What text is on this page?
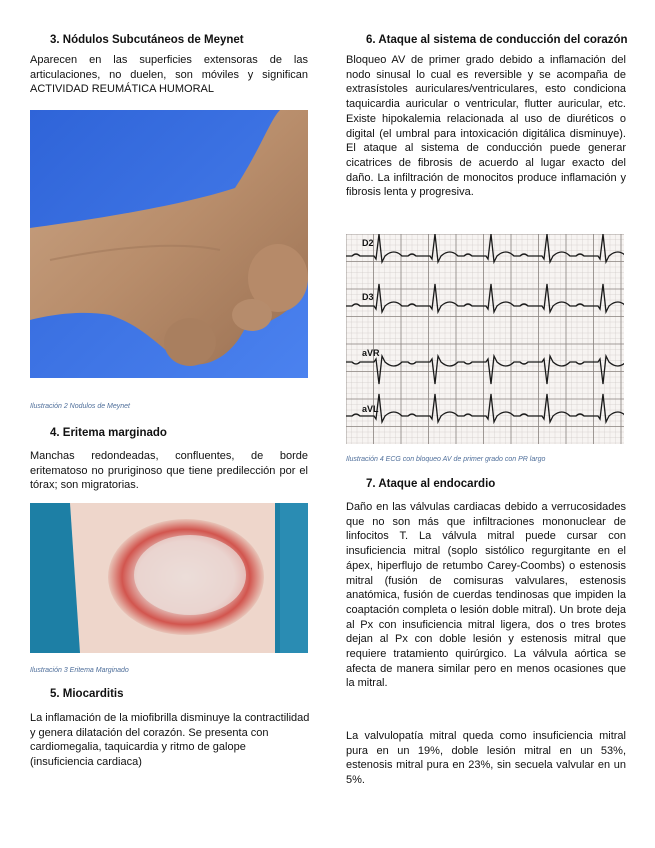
3. Nódulos Subcutáneos de Meynet

Aparecen en las superficies extensoras de las articulaciones, no duelen, son móviles y significan ACTIVIDAD REUMÁTICA HUMORAL

Ilustración 2 Nodulos de Meynet

4. Eritema marginado

Manchas redondeadas, confluentes, de borde eritematoso no pruriginoso que tiene predilección por el tórax; son migratorias.

Ilustración 3 Eritema Marginado

5. Miocarditis

La inflamación de la miofibrilla disminuye la contractilidad y genera dilatación del corazón. Se presenta con cardiomegalia, taquicardia y ritmo de galope (insuficiencia cardiaca)

6. Ataque al sistema de conducción del corazón

Bloqueo AV de primer grado debido a inflamación del nodo sinusal lo cual es reversible y se acompaña de extrasístoles auriculares/ventriculares, esto condiciona taquicardia auricular o ventricular, flutter auricular, etc. Existe hipokalemia relacionada al uso de diuréticos o digital (el umbral para intoxicación digitálica disminuye). El ataque al sistema de conducción puede generar cicatrices de fibrosis de acuerdo al lugar exacto del daño. La infiltración de monocitos produce inflamación y fibrosis lenta y progresiva.

D2
D3
aVR
aVL

Ilustración 4 ECG con bloqueo AV de primer grado con PR largo

7. Ataque al endocardio

Daño en las válvulas cardiacas debido a verrucosidades que no son más que infiltraciones mononuclear de linfocitos T. La válvula mitral puede cursar con insuficiencia mitral (soplo sistólico regurgitante en el ápex, hiperflujo de retumbo Carey-Coombs) o estenosis mitral (fusión de comisuras valvulares, estenosis anatómica, fusión de cuerdas tendinosas que impiden la coaptación completa o lesión doble mitral). Un brote deja al Px con insuficiencia mitral ligera, dos o tres brotes dejan al Px con doble lesión y estenosis mitral que requiere tratamiento quirúrgico. La válvula aórtica se afecta de manera similar pero en menos ocasiones que la mitral.

La valvulopatía mitral queda como insuficiencia mitral pura en un 19%, doble lesión mitral en un 53%, estenosis mitral pura en 23%, sin secuela valvular en un 5%.
